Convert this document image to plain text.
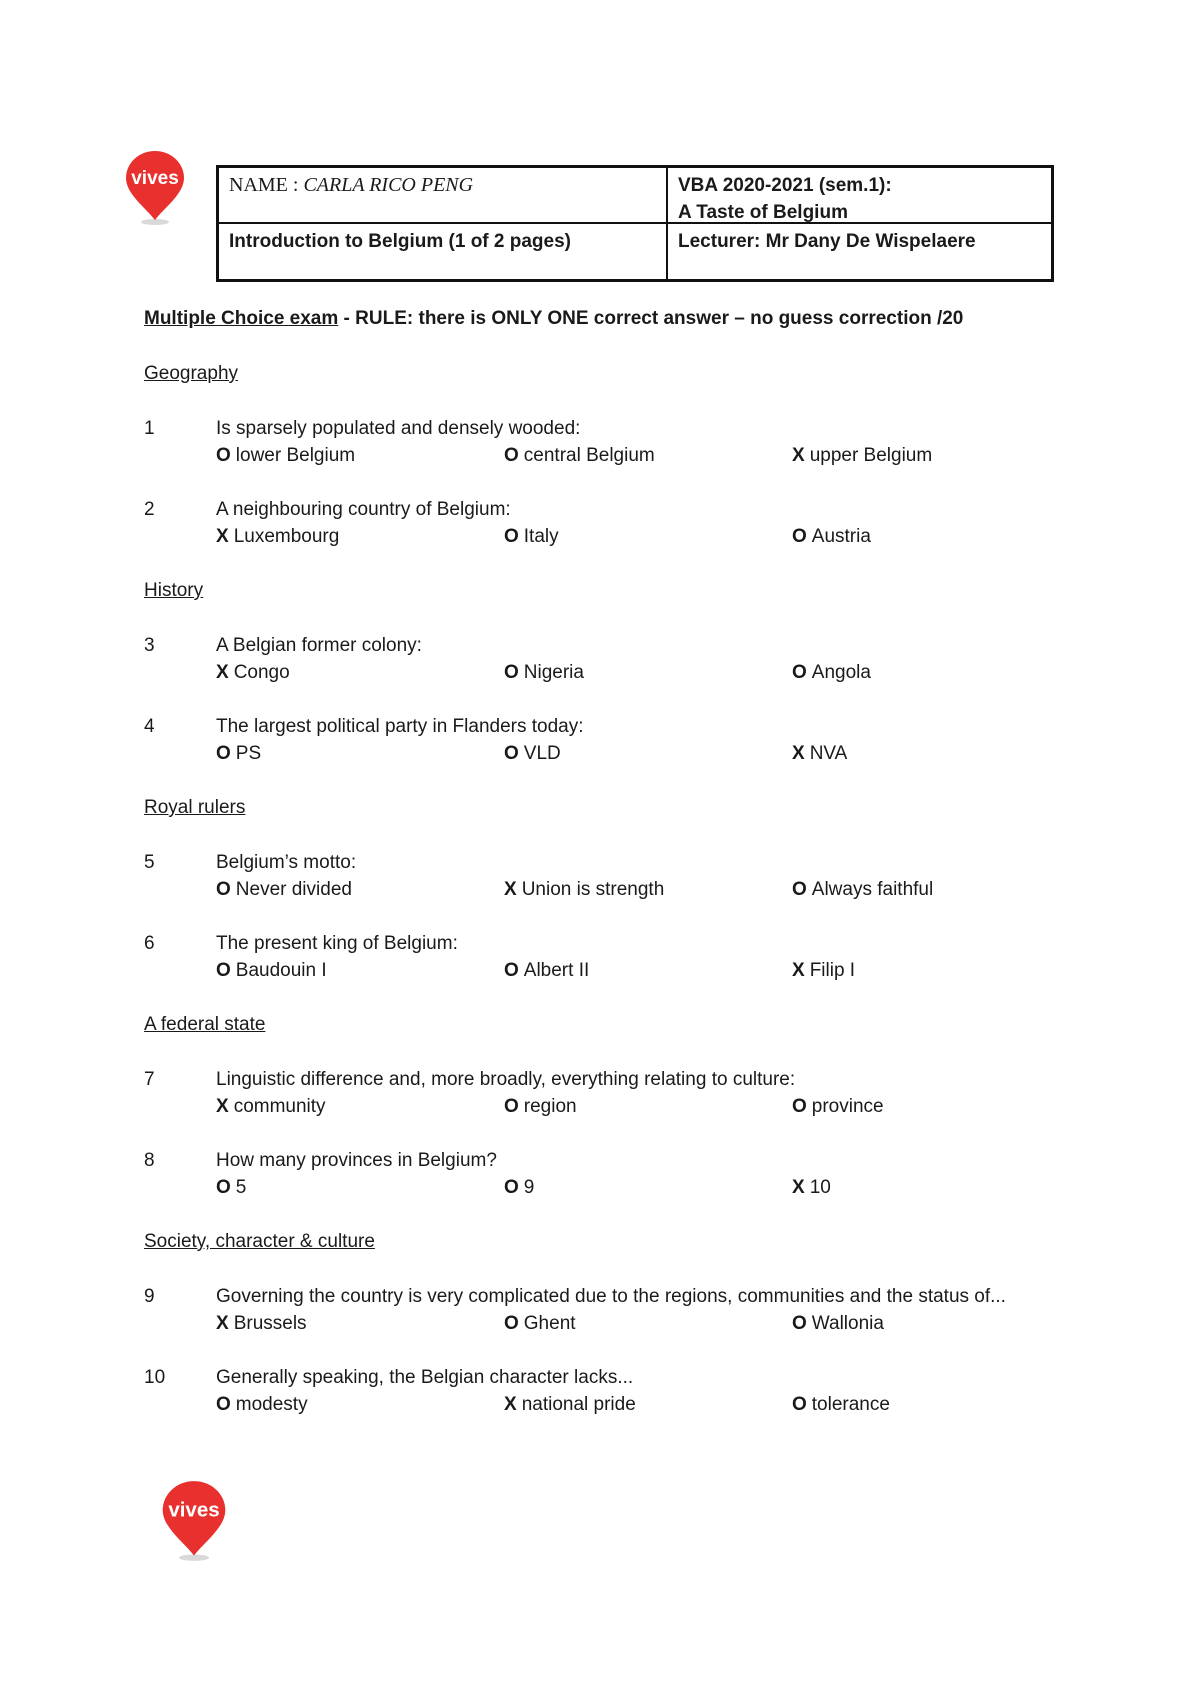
vives	NAME : CARLA RICO PENG	VBA 2020-2021 (sem.1):
A Taste of Belgium
Introduction to Belgium (1 of 2 pages)	Lecturer: Mr Dany De Wispelaere
Multiple Choice exam - RULE: there is ONLY ONE correct answer – no guess correction /20
Geography
1	Is sparsely populated and densely wooded:
O lower Belgium	O central Belgium	X upper Belgium
2	A neighbouring country of Belgium:
X Luxembourg	O Italy	O Austria
History
3	A Belgian former colony:
X Congo	O Nigeria	O Angola
4	The largest political party in Flanders today:
O PS	O VLD	X NVA
Royal rulers
5	Belgium’s motto:
O Never divided	X Union is strength	O Always faithful
6	The present king of Belgium:
O Baudouin I	O Albert II	X Filip I
A federal state
7	Linguistic difference and, more broadly, everything relating to culture:
X community	O region	O province
8	How many provinces in Belgium?
O 5	O 9	X 10
Society, character & culture
9	Governing the country is very complicated due to the regions, communities and the status of...
X Brussels	O Ghent	O Wallonia
10	Generally speaking, the Belgian character lacks...
O modesty	X national pride	O tolerance
vives
